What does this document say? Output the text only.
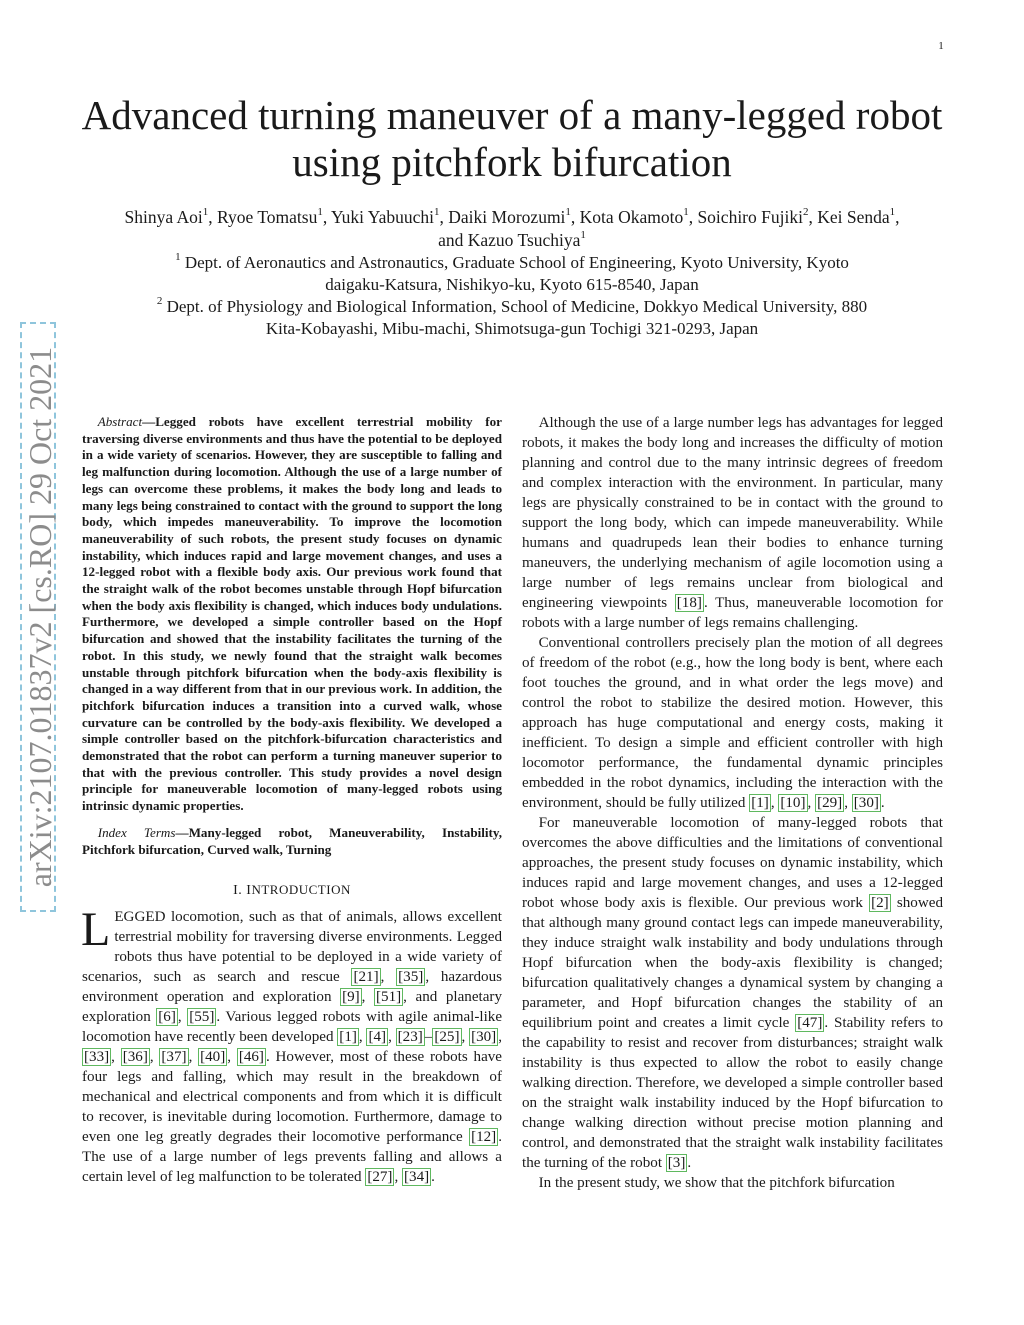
1
arXiv:2107.01837v2 [cs.RO] 29 Oct 2021
Advanced turning maneuver of a many-legged robot
using pitchfork bifurcation
Shinya Aoi$^1$, Ryoe Tomatsu$^1$, Yuki Yabuuchi$^1$, Daiki Morozumi$^1$, Kota Okamoto$^1$, Soichiro Fujiki$^2$, Kei Senda$^1$,
and Kazuo Tsuchiya$^1$
$^1$ Dept. of Aeronautics and Astronautics, Graduate School of Engineering, Kyoto University, Kyoto
daigaku-Katsura, Nishikyo-ku, Kyoto 615-8540, Japan
$^2$ Dept. of Physiology and Biological Information, School of Medicine, Dokkyo Medical University, 880
Kita-Kobayashi, Mibu-machi, Shimotsuga-gun Tochigi 321-0293, Japan

Abstract—Legged robots have excellent terrestrial mobility for traversing diverse environments and thus have the potential to be deployed in a wide variety of scenarios. However, they are susceptible to falling and leg malfunction during locomotion. Although the use of a large number of legs can overcome these problems, it makes the body long and leads to many legs being constrained to contact with the ground to support the long body, which impedes maneuverability. To improve the locomotion maneuverability of such robots, the present study focuses on dynamic instability, which induces rapid and large movement changes, and uses a 12-legged robot with a flexible body axis. Our previous work found that the straight walk of the robot becomes unstable through Hopf bifurcation when the body axis flexibility is changed, which induces body undulations. Furthermore, we developed a simple controller based on the Hopf bifurcation and showed that the instability facilitates the turning of the robot. In this study, we newly found that the straight walk becomes unstable through pitchfork bifurcation when the body-axis flexibility is changed in a way different from that in our previous work. In addition, the pitchfork bifurcation induces a transition into a curved walk, whose curvature can be controlled by the body-axis flexibility. We developed a simple controller based on the pitchfork-bifurcation characteristics and demonstrated that the robot can perform a turning maneuver superior to that with the previous controller. This study provides a novel design principle for maneuverable locomotion of many-legged robots using intrinsic dynamic properties.

Index Terms—Many-legged robot, Maneuverability, Instability, Pitchfork bifurcation, Curved walk, Turning

I. INTRODUCTION

LEGGED locomotion, such as that of animals, allows excellent terrestrial mobility for traversing diverse environments. Legged robots thus have potential to be deployed in a wide variety of scenarios, such as search and rescue [21] , [35] , hazardous environment operation and exploration [9] , [51] , and planetary exploration [6] , [55] . Various legged robots with agile animal-like locomotion have recently been developed [1] , [4] , [23] – [25] , [30] , [33] , [36] , [37] , [40] , [46] . However, most of these robots have four legs and falling, which may result in the breakdown of mechanical and electrical components and from which it is difficult to recover, is inevitable during locomotion. Furthermore, damage to even one leg greatly degrades their locomotive performance [12] . The use of a large number of legs prevents falling and allows a certain level of leg malfunction to be tolerated [27] , [34] .

Although the use of a large number legs has advantages for legged robots, it makes the body long and increases the difficulty of motion planning and control due to the many intrinsic degrees of freedom and complex interaction with the environment. In particular, many legs are physically constrained to be in contact with the ground to support the long body, which can impede maneuverability. While humans and quadrupeds lean their bodies to enhance turning maneuvers, the underlying mechanism of agile locomotion using a large number of legs remains unclear from biological and engineering viewpoints [18] . Thus, maneuverable locomotion for robots with a large number of legs remains challenging.

Conventional controllers precisely plan the motion of all degrees of freedom of the robot (e.g., how the long body is bent, where each foot touches the ground, and in what order the legs move) and control the robot to stabilize the desired motion. However, this approach has huge computational and energy costs, making it inefficient. To design a simple and efficient controller with high locomotor performance, the fundamental dynamic principles embedded in the robot dynamics, including the interaction with the environment, should be fully utilized [1] , [10] , [29] , [30] .

For maneuverable locomotion of many-legged robots that overcomes the above difficulties and the limitations of conventional approaches, the present study focuses on dynamic instability, which induces rapid and large movement changes, and uses a 12-legged robot whose body axis is flexible. Our previous work [2] showed that although many ground contact legs can impede maneuverability, they induce straight walk instability and body undulations through Hopf bifurcation when the body-axis flexibility is changed; bifurcation qualitatively changes a dynamical system by changing a parameter, and Hopf bifurcation changes the stability of an equilibrium point and creates a limit cycle [47] . Stability refers to the capability to resist and recover from disturbances; straight walk instability is thus expected to allow the robot to easily change walking direction. Therefore, we developed a simple controller based on the straight walk instability induced by the Hopf bifurcation to change walking direction without precise motion planning and control, and demonstrated that the straight walk instability facilitates the turning of the robot [3] .

In the present study, we show that the pitchfork bifurcation
